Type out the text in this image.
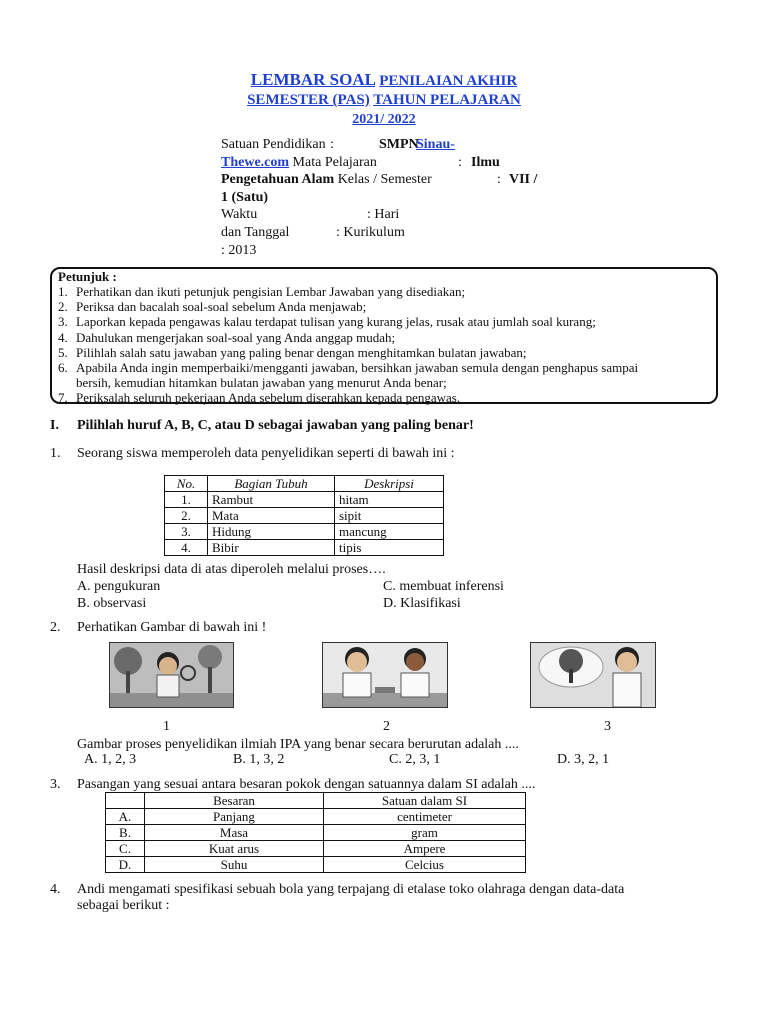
LEMBAR SOAL PENILAIAN AKHIR
SEMESTER (PAS) TAHUN PELAJARAN
2021/ 2022
Satuan Pendidikan :	SMPN
Sinau-
Thewe.com Mata Pelajaran	: Ilmu
Pengetahuan Alam Kelas / Semester	: VII /
1 (Satu)
Waktu	: Hari
dan Tanggal	: Kurikulum
: 2013
Petunjuk :
1. Perhatikan dan ikuti petunjuk pengisian Lembar Jawaban yang disediakan;
2. Periksa dan bacalah soal-soal sebelum Anda menjawab;
3. Laporkan kepada pengawas kalau terdapat tulisan yang kurang jelas, rusak atau jumlah soal kurang;
4. Dahulukan mengerjakan soal-soal yang Anda anggap mudah;
5. Pilihlah salah satu jawaban yang paling benar dengan menghitamkan bulatan jawaban;
6. Apabila Anda ingin memperbaiki/mengganti jawaban, bersihkan jawaban semula dengan penghapus sampai
bersih, kemudian hitamkan bulatan jawaban yang menurut Anda benar;
7. Periksalah seluruh pekerjaan Anda sebelum diserahkan kepada pengawas.
I. Pilihlah huruf A, B, C, atau D sebagai jawaban yang paling benar!
1. Seorang siswa memperoleh data penyelidikan seperti di bawah ini :
No.	Bagian Tubuh	Deskripsi
1.	Rambut	hitam
2.	Mata	sipit
3.	Hidung	mancung
4.	Bibir	tipis
Hasil deskripsi data di atas diperoleh melalui proses….
A. pengukuran
B. observasi
C. membuat inferensi
D. Klasifikasi
2. Perhatikan Gambar di bawah ini !
1	2	3
Gambar proses penyelidikan ilmiah IPA yang benar secara berurutan adalah ....
A. 1, 2, 3	B. 1, 3, 2	C. 2, 3, 1	D. 3, 2, 1
3. Pasangan yang sesuai antara besaran pokok dengan satuannya dalam SI adalah ....
	Besaran	Satuan dalam SI
A.	Panjang	centimeter
B.	Masa	gram
C.	Kuat arus	Ampere
D.	Suhu	Celcius
4. Andi mengamati spesifikasi sebuah bola yang terpajang di etalase toko olahraga dengan data-data
sebagai berikut :
